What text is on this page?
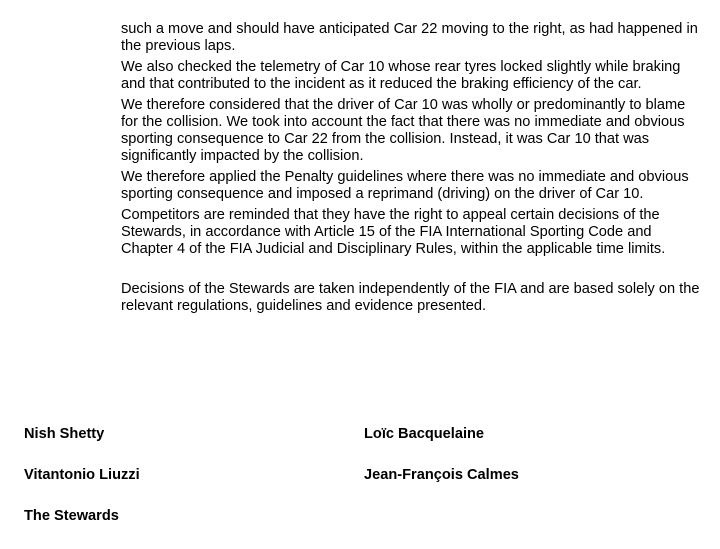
such a move and should have anticipated Car 22 moving to the right, as had happened in the previous laps.

We also checked the telemetry of Car 10 whose rear tyres locked slightly while braking and that contributed to the incident as it reduced the braking efficiency of the car.

We therefore considered that the driver of Car 10 was wholly or predominantly to blame for the collision. We took into account the fact that there was no immediate and obvious sporting consequence to Car 22 from the collision. Instead, it was Car 10 that was significantly impacted by the collision.

We therefore applied the Penalty guidelines where there was no immediate and obvious sporting consequence and imposed a reprimand (driving) on the driver of Car 10.

Competitors are reminded that they have the right to appeal certain decisions of the Stewards, in accordance with Article 15 of the FIA International Sporting Code and Chapter 4 of the FIA Judicial and Disciplinary Rules, within the applicable time limits.

Decisions of the Stewards are taken independently of the FIA and are based solely on the relevant regulations, guidelines and evidence presented.

Nish Shetty	Loïc Bacquelaine
Vitantonio Liuzzi	Jean-François Calmes
The Stewards
